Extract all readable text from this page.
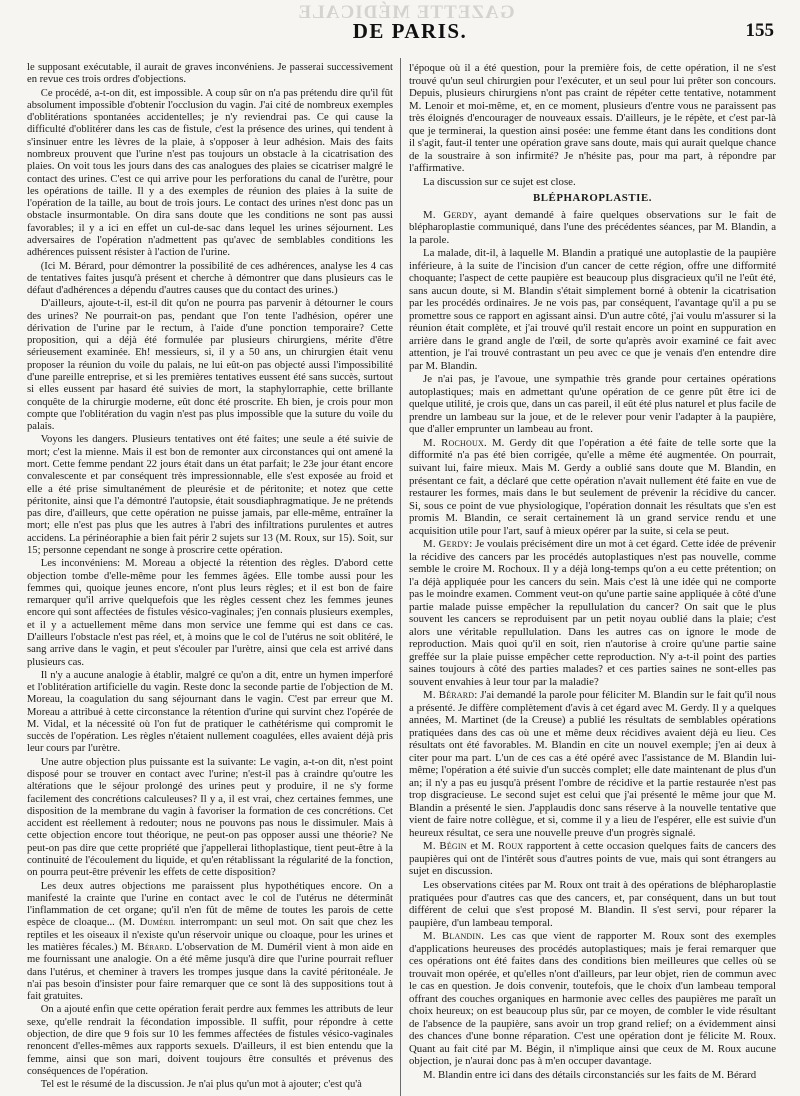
GAZETTE MÉDICALE
DE PARIS.	155

le supposant exécutable, il aurait de graves inconvéniens. Je passerai successivement en revue ces trois ordres d'objections.

Ce procédé, a-t-on dit, est impossible. A coup sûr on n'a pas prétendu dire qu'il fût absolument impossible d'obtenir l'occlusion du vagin. J'ai cité de nombreux exemples d'oblitérations spontanées accidentelles; je n'y reviendrai pas. Ce qui cause la difficulté d'oblitérer dans les cas de fistule, c'est la présence des urines, qui tendent à s'insinuer entre les lèvres de la plaie, à s'opposer à leur adhésion. Mais des faits nombreux prouvent que l'urine n'est pas toujours un obstacle à la cicatrisation des plaies. On voit tous les jours dans des cas analogues des plaies se cicatriser malgré le contact des urines. C'est ce qui arrive pour les perforations du canal de l'urètre, pour les opérations de taille. Il y a des exemples de réunion des plaies à la suite de l'opération de la taille, au bout de trois jours. Le contact des urines n'est donc pas un obstacle insurmontable. On dira sans doute que les conditions ne sont pas aussi favorables; il y a ici en effet un cul-de-sac dans lequel les urines séjournent. Les adversaires de l'opération n'admettent pas qu'avec de semblables conditions les adhérences puissent résister à l'action de l'urine.

(Ici M. Bérard, pour démontrer la possibilité de ces adhérences, analyse les 4 cas de tentatives faites jusqu'à présent et cherche à démontrer que dans plusieurs cas le défaut d'adhérences a dépendu d'autres causes que du contact des urines.)

D'ailleurs, ajoute-t-il, est-il dit qu'on ne pourra pas parvenir à détourner le cours des urines? Ne pourrait-on pas, pendant que l'on tente l'adhésion, opérer une dérivation de l'urine par le rectum, à l'aide d'une ponction temporaire? Cette proposition, qui a déjà été formulée par plusieurs chirurgiens, mérite d'être sérieusement examinée. Eh! messieurs, si, il y a 50 ans, un chirurgien était venu proposer la réunion du voile du palais, ne lui eût-on pas objecté aussi l'impossibilité d'une pareille entreprise, et si les premières tentatives eussent été sans succès, surtout si elles eussent par hasard été suivies de mort, la staphylorraphie, cette brillante conquête de la chirurgie moderne, eût donc été proscrite. Eh bien, je crois pour mon compte que l'oblitération du vagin n'est pas plus impossible que la suture du voile du palais.

Voyons les dangers. Plusieurs tentatives ont été faites; une seule a été suivie de mort; c'est la mienne. Mais il est bon de remonter aux circonstances qui ont amené la mort. Cette femme pendant 22 jours était dans un état parfait; le 23e jour étant encore convalescente et par conséquent très impressionnable, elle s'est exposée au froid et elle a été prise simultanément de pleurésie et de péritonite; et notez que cette péritonite, ainsi que l'a démontré l'autopsie, était sousdiaphragmatique. Je ne prétends pas dire, d'ailleurs, que cette opération ne puisse jamais, par elle-même, entraîner la mort; elle n'est pas plus que les autres à l'abri des infiltrations purulentes et autres accidens. La périnéoraphie a bien fait périr 2 sujets sur 13 (M. Roux, sur 15). Soit, sur 15; personne cependant ne songe à proscrire cette opération.

Les inconvéniens: M. Moreau a objecté la rétention des règles. D'abord cette objection tombe d'elle-même pour les femmes âgées. Elle tombe aussi pour les femmes qui, quoique jeunes encore, n'ont plus leurs règles; et il est bon de faire remarquer qu'il arrive quelquefois que les règles cessent chez les femmes jeunes encore qui sont affectées de fistules vésico-vaginales; j'en connais plusieurs exemples, et il y a actuellement même dans mon service une femme qui est dans ce cas. D'ailleurs l'obstacle n'est pas réel, et, à moins que le col de l'utérus ne soit oblitéré, le sang arrive dans le vagin, et peut s'écouler par l'urètre, ainsi que cela est arrivé dans plusieurs cas.

Il n'y a aucune analogie à établir, malgré ce qu'on a dit, entre un hymen imperforé et l'oblitération artificielle du vagin. Reste donc la seconde partie de l'objection de M. Moreau, la coagulation du sang séjournant dans le vagin. C'est par erreur que M. Moreau a attribué à cette circonstance la rétention d'urine qui survint chez l'opérée de M. Vidal, et la nécessité où l'on fut de pratiquer le cathétérisme qui compromit le succès de l'opération. Les règles n'étaient nullement coagulées, elles avaient déjà pris leur cours par l'urètre.

Une autre objection plus puissante est la suivante: Le vagin, a-t-on dit, n'est point disposé pour se trouver en contact avec l'urine; n'est-il pas à craindre qu'outre les altérations que le séjour prolongé des urines peut y produire, il ne s'y forme facilement des concrétions calculeuses? Il y a, il est vrai, chez certaines femmes, une disposition de la membrane du vagin à favoriser la formation de ces concrétions. Cet accident est réellement à redouter; nous ne pouvons pas nous le dissimuler. Mais à cette objection encore tout théorique, ne peut-on pas opposer aussi une théorie? Ne peut-on pas dire que cette propriété que j'appellerai lithoplastique, tient peut-être à la continuité de l'écoulement du liquide, et qu'en rétablissant la régularité de la fonction, on pourra peut-être prévenir les effets de cette disposition?

Les deux autres objections me paraissent plus hypothétiques encore. On a manifesté la crainte que l'urine en contact avec le col de l'utérus ne déterminât l'inflammation de cet organe; qu'il n'en fût de même de toutes les parois de cette espèce de cloaque... (M. Duméril interrompant: un seul mot. On sait que chez les reptiles et les oiseaux il n'existe qu'un réservoir unique ou cloaque, pour les urines et les matières fécales.) M. Bérard. L'observation de M. Duméril vient à mon aide en me fournissant une analogie. On a été même jusqu'à dire que l'urine pourrait refluer dans l'utérus, et cheminer à travers les trompes jusque dans la cavité péritonéale. Je n'ai pas besoin d'insister pour faire remarquer que ce sont là des suppositions tout à fait gratuites.

On a ajouté enfin que cette opération ferait perdre aux femmes les attributs de leur sexe, qu'elle rendrait la fécondation impossible. Il suffit, pour répondre à cette objection, de dire que 9 fois sur 10 les femmes affectées de fistules vésico-vaginales renoncent d'elles-mêmes aux rapports sexuels. D'ailleurs, il est bien entendu que la femme, ainsi que son mari, doivent toujours être consultés et prévenus des conséquences de l'opération.

Tel est le résumé de la discussion. Je n'ai plus qu'un mot à ajouter; c'est qu'à

l'époque où il a été question, pour la première fois, de cette opération, il ne s'est trouvé qu'un seul chirurgien pour l'exécuter, et un seul pour lui prêter son concours. Depuis, plusieurs chirurgiens n'ont pas craint de répéter cette tentative, notamment M. Lenoir et moi-même, et, en ce moment, plusieurs d'entre vous ne paraissent pas très éloignés d'encourager de nouveaux essais. D'ailleurs, je le répète, et c'est par-là que je terminerai, la question ainsi posée: une femme étant dans les conditions dont il s'agit, faut-il tenter une opération grave sans doute, mais qui aurait quelque chance de la soustraire à son infirmité? Je n'hésite pas, pour ma part, à répondre par l'affirmative.

La discussion sur ce sujet est close.

BLÉPHAROPLASTIE.

M. Gerdy, ayant demandé à faire quelques observations sur le fait de blépharoplastie communiqué, dans l'une des précédentes séances, par M. Blandin, a la parole.

La malade, dit-il, à laquelle M. Blandin a pratiqué une autoplastie de la paupière inférieure, à la suite de l'incision d'un cancer de cette région, offre une difformité choquante; l'aspect de cette paupière est beaucoup plus disgracieux qu'il ne l'eût été, sans aucun doute, si M. Blandin s'était simplement borné à obtenir la cicatrisation par les procédés ordinaires. Je ne vois pas, par conséquent, l'avantage qu'il a pu se promettre sous ce rapport en agissant ainsi. D'un autre côté, j'ai voulu m'assurer si la réunion était complète, et j'ai trouvé qu'il restait encore un point en suppuration en arrière dans le grand angle de l'œil, de sorte qu'après avoir examiné ce fait avec attention, je l'ai trouvé contrastant un peu avec ce que je venais d'en entendre dire par M. Blandin.

Je n'ai pas, je l'avoue, une sympathie très grande pour certaines opérations autoplastiques; mais en admettant qu'une opération de ce genre pût être ici de quelque utilité, je crois que, dans un cas pareil, il eût été plus naturel et plus facile de prendre un lambeau sur la joue, et de le relever pour venir l'adapter à la paupière, que d'aller emprunter un lambeau au front.

M. Rochoux. M. Gerdy dit que l'opération a été faite de telle sorte que la difformité n'a pas été bien corrigée, qu'elle a même été augmentée. On pourrait, suivant lui, faire mieux. Mais M. Gerdy a oublié sans doute que M. Blandin, en présentant ce fait, a déclaré que cette opération n'avait nullement été faite en vue de restaurer les formes, mais dans le but seulement de prévenir la récidive du cancer. Si, sous ce point de vue physiologique, l'opération donnait les résultats que s'en est promis M. Blandin, ce serait certainement là un grand service rendu et une acquisition utile pour l'art, sauf à mieux opérer par la suite, si cela se peut.

M. Gerdy: Je voulais précisément dire un mot à cet égard. Cette idée de prévenir la récidive des cancers par les procédés autoplastiques n'est pas nouvelle, comme semble le croire M. Rochoux. Il y a déjà long-temps qu'on a eu cette prétention; on l'a déjà appliquée pour les cancers du sein. Mais c'est là une idée qui ne comporte pas le moindre examen. Comment veut-on qu'une partie saine appliquée à côté d'une partie malade puisse empêcher la repullulation du cancer? On sait que le plus souvent les cancers se reproduisent par un petit noyau oublié dans la plaie; c'est alors une véritable repullulation. Dans les autres cas on ignore le mode de reproduction. Mais quoi qu'il en soit, rien n'autorise à croire qu'une partie saine greffée sur la plaie puisse empêcher cette reproduction. N'y a-t-il point des parties saines toujours à côté des parties malades? et ces parties saines ne sont-elles pas souvent envahies à leur tour par la maladie?

M. Bérard: J'ai demandé la parole pour féliciter M. Blandin sur le fait qu'il nous a présenté. Je diffère complètement d'avis à cet égard avec M. Gerdy. Il y a quelques années, M. Martinet (de la Creuse) a publié les résultats de semblables opérations pratiquées dans des cas où une et même deux récidives avaient déjà eu lieu. Ces résultats ont été favorables. M. Blandin en cite un nouvel exemple; j'en ai deux à citer pour ma part. L'un de ces cas a été opéré avec l'assistance de M. Blandin lui-même; l'opération a été suivie d'un succès complet; elle date maintenant de plus d'un an; il n'y a pas eu jusqu'à présent l'ombre de récidive et la partie restaurée n'est pas trop disgracieuse. Le second sujet est celui que j'ai présenté le même jour que M. Blandin a présenté le sien. J'applaudis donc sans réserve à la nouvelle tentative que vient de faire notre collègue, et si, comme il y a lieu de l'espérer, elle est suivie d'un heureux résultat, ce sera une nouvelle preuve d'un progrès signalé.

M. Bégin et M. Roux rapportent à cette occasion quelques faits de cancers des paupières qui ont de l'intérêt sous d'autres points de vue, mais qui sont étrangers au sujet en discussion.

Les observations citées par M. Roux ont trait à des opérations de blépharoplastie pratiquées pour d'autres cas que des cancers, et, par conséquent, dans un but tout différent de celui que s'est proposé M. Blandin. Il s'est servi, pour réparer la paupière, d'un lambeau temporal.

M. Blandin. Les cas que vient de rapporter M. Roux sont des exemples d'applications heureuses des procédés autoplastiques; mais je ferai remarquer que ces opérations ont été faites dans des conditions bien meilleures que celles où se trouvait mon opérée, et qu'elles n'ont d'ailleurs, par leur objet, rien de commun avec le cas en question. Je dois convenir, toutefois, que le choix d'un lambeau temporal offrant des couches organiques en harmonie avec celles des paupières me paraît un choix heureux; on est beaucoup plus sûr, par ce moyen, de combler le vide résultant de l'absence de la paupière, sans avoir un trop grand relief; on a évidemment ainsi des chances d'une bonne réparation. C'est une opération dont je félicite M. Roux. Quant au fait cité par M. Bégin, il n'implique ainsi que ceux de M. Roux aucune objection, je n'aurai donc pas à m'en occuper davantage.

M. Blandin entre ici dans des détails circonstanciés sur les faits de M. Bérard
